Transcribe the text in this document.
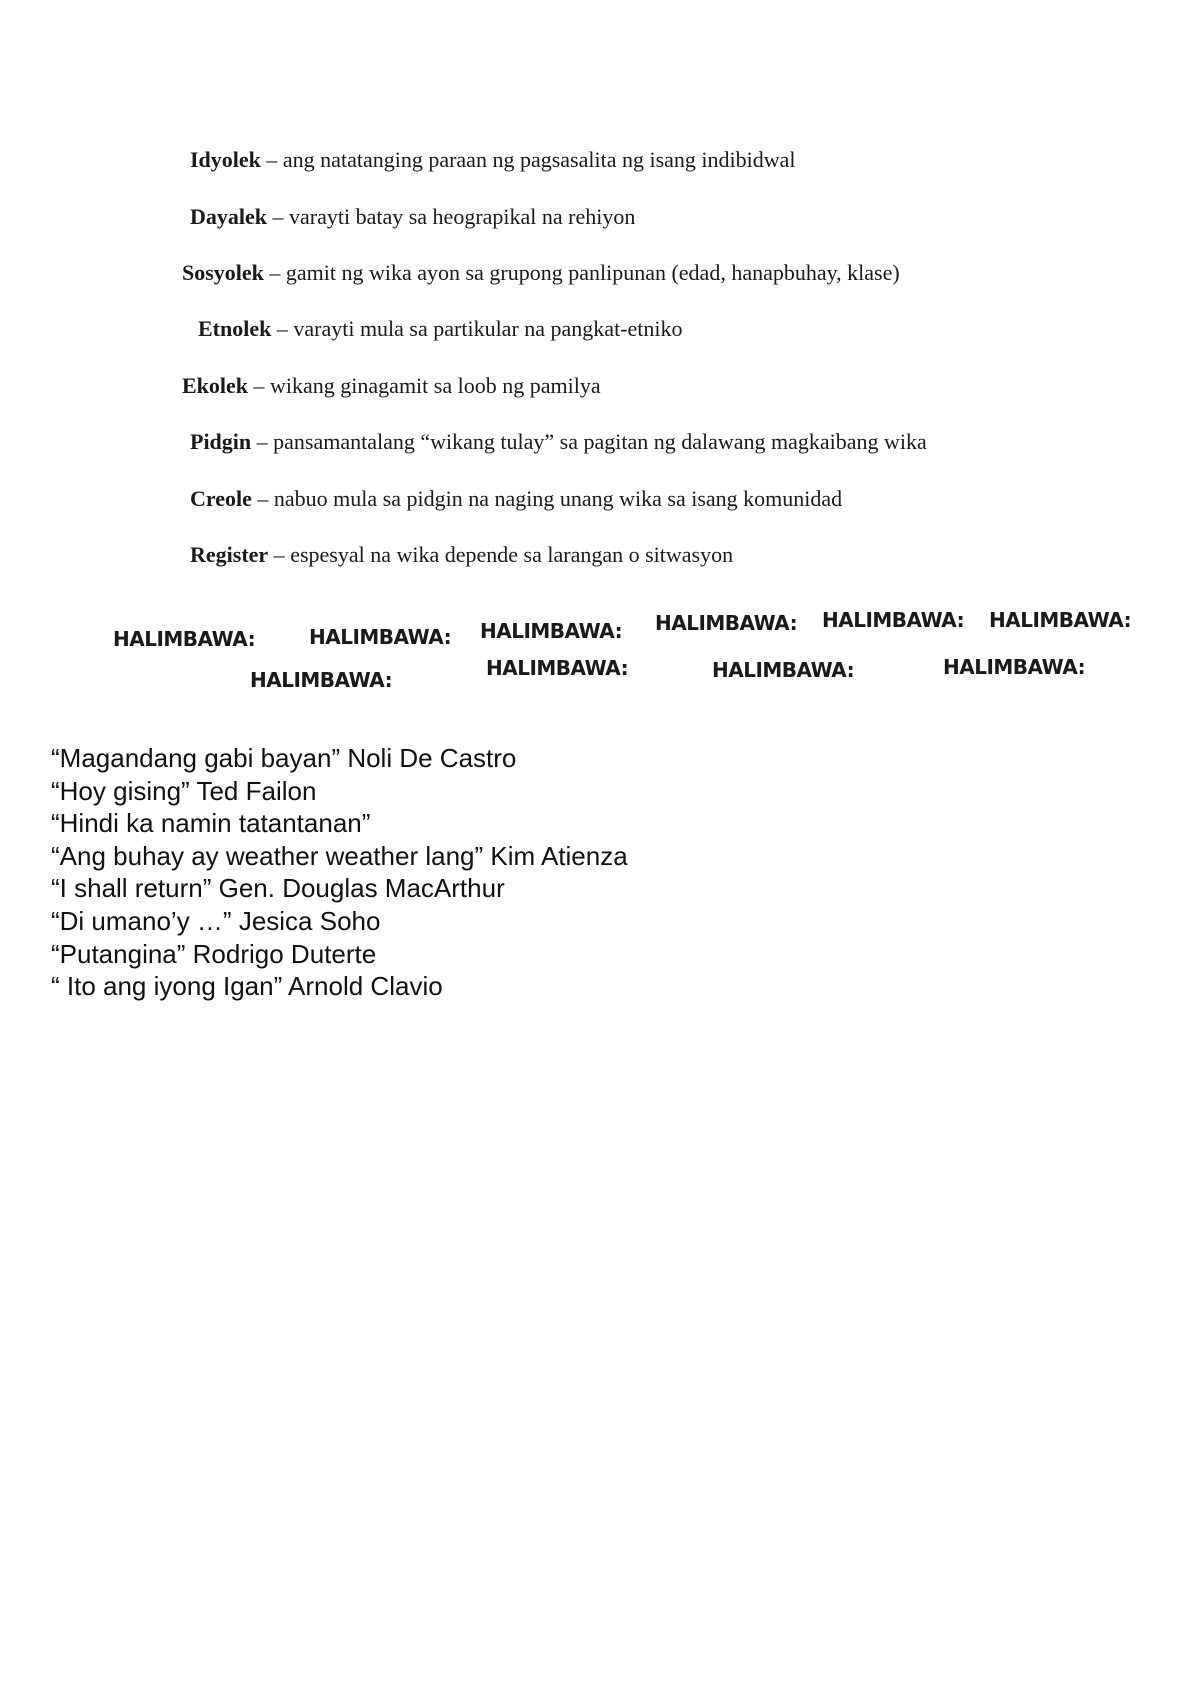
Idyolek – ang natatanging paraan ng pagsasalita ng isang indibidwal
Dayalek – varayti batay sa heograpikal na rehiyon
Sosyolek – gamit ng wika ayon sa grupong panlipunan (edad, hanapbuhay, klase)
Etnolek – varayti mula sa partikular na pangkat-etniko
Ekolek – wikang ginagamit sa loob ng pamilya
Pidgin – pansamantalang “wikang tulay” sa pagitan ng dalawang magkaibang wika
Creole – nabuo mula sa pidgin na naging unang wika sa isang komunidad
Register – espesyal na wika depende sa larangan o sitwasyon
HALIMBAWA:	HALIMBAWA: HALIMBAWA: HALIMBAWA: HALIMBAWA: HALIMBAWA:
HALIMBAWA:	HALIMBAWA:	HALIMBAWA:	HALIMBAWA:
“Magandang gabi bayan” Noli De Castro
“Hoy gising” Ted Failon
“Hindi ka namin tatantanan”
“Ang buhay ay weather weather lang” Kim Atienza
“I shall return” Gen. Douglas MacArthur
“Di umano’y …” Jesica Soho
“Putangina” Rodrigo Duterte
“ Ito ang iyong Igan” Arnold Clavio
